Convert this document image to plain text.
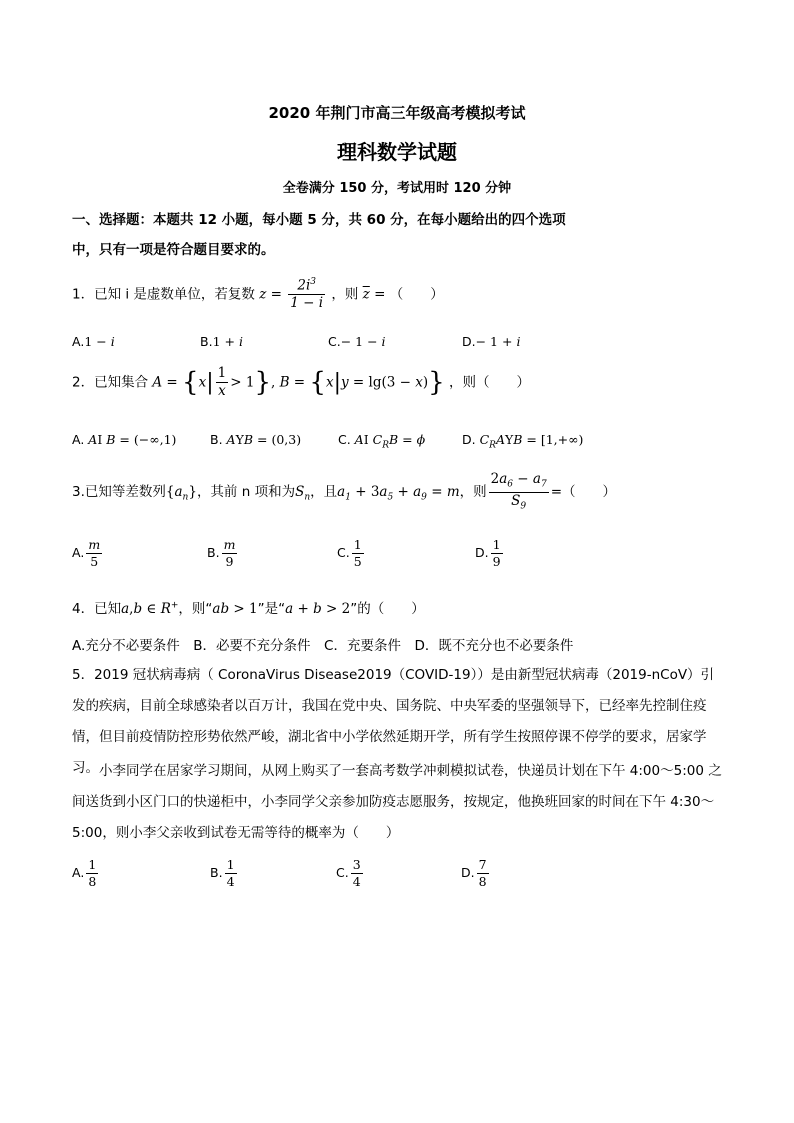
2020 年荆门市高三年级高考模拟考试
理科数学试题
全卷满分 150 分，考试用时 120 分钟
一、选择题：本题共 12 小题，每小题 5 分，共 60 分，在每小题给出的四个选项
中，只有一项是符合题目要求的。
1．已知 i 是虚数单位，若复数 $z = \frac{2i^3}{1 - i}$ ，则 $\overline{z}$ = （　　）
A.1 − i	B.1 + i	C.− 1 − i	D.− 1 + i
2．已知集合 $A = \{x| \frac{1}{x} > 1\}$, B = {x|y = lg(3 − x)} ，则（　　）
A. AI B = (−∞,1)	B. AYB = (0,3)	C. AI $C_RB = \phi$	D. $C_RAYB = [1,+\infty)$
3.已知等差数列$\{a_n\}$，其前 n 项和为$S_n$，且$a_1 + 3a_5 + a_9 = m$，则 $\frac{2a_6 - a_7}{S_9}$ =（　　）
A. $\frac{m}{5}$	B. $\frac{m}{9}$	C. $\frac{1}{5}$	D. $\frac{1}{9}$
4．已知a,b ∈ R+，则“ab > 1”是“a + b > 2”的（　　）
A.充分不必要条件　B．必要不充分条件　C．充要条件　D．既不充分也不必要条件
5．2019 冠状病毒病（ CoronaVirus Disease2019（COVID-19））是由新型冠状病毒（2019-nCoV）引发的疾病，目前全球感染者以百万计，我国在党中央、国务院、中央军委的坚强领导下，已经率先控制住疫情，但目前疫情防控形势依然严峻，湖北省中小学依然延期开学，所有学生按照停课不停学的要求，居家学习。 小李同学在居家学习期间，从网上购买了一套高考数学冲刺模拟试卷，快递员计划在下午 4:00～5:00 之间送货到小区门口的快递柜中，小李同学父亲参加防疫志愿服务，按规定，他换班回家的时间在下午 4:30～5:00，则小李父亲收到试卷无需等待的概率为（　　）
A. $\frac{1}{8}$	B. $\frac{1}{4}$	C. $\frac{3}{4}$	D. $\frac{7}{8}$
